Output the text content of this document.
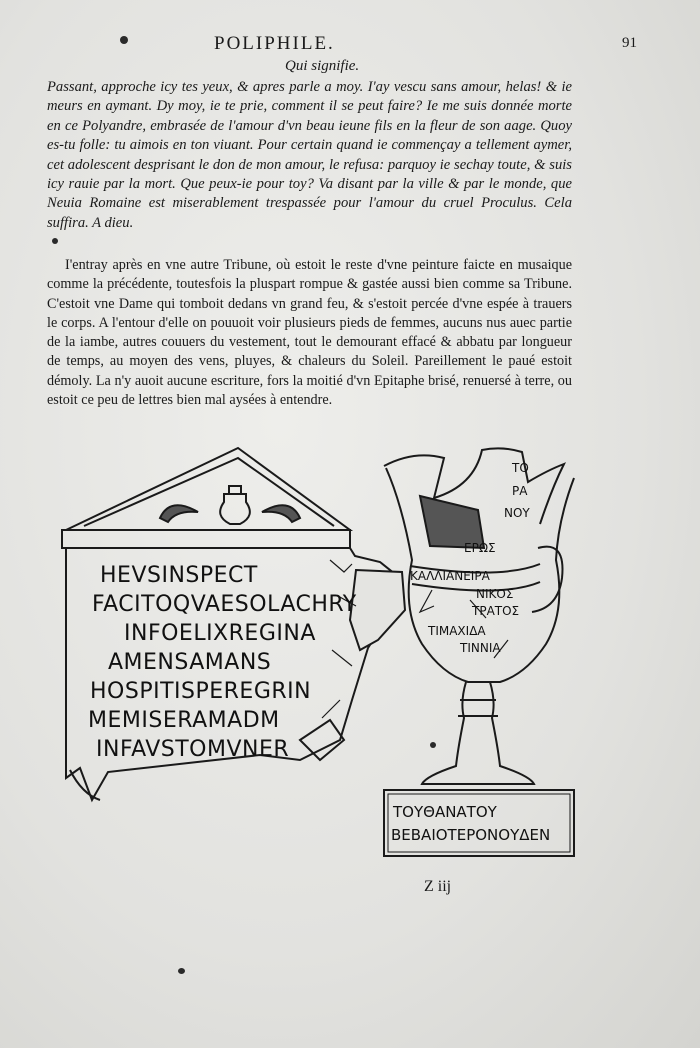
POLIPHILE.	91
Qui signifie.

Passant, approche icy tes yeux, & apres parle a moy. I'ay vescu sans amour, helas! & ie meurs en aymant. Dy moy, ie te prie, comment il se peut faire? Ie me suis donnée morte en ce Polyandre, embrasée de l'amour d'vn beau ieune fils en la fleur de son aage. Quoy es-tu folle: tu aimois en ton viuant. Pour certain quand ie commençay a tellement aymer, cet adolescent desprisant le don de mon amour, le refusa: parquoy ie sechay toute, & suis icy rauie par la mort. Que peux-ie pour toy? Va disant par la ville & par le monde, que Neuia Romaine est miserablement trespassée pour l'amour du cruel Proculus. Cela suffira. A dieu.

I'entray après en vne autre Tribune, où estoit le reste d'vne peinture faicte en musaique comme la précédente, toutesfois la pluspart rompue & gastée aussi bien comme sa Tribune. C'estoit vne Dame qui tomboit dedans vn grand feu, & s'estoit percée d'vne espée à trauers le corps. A l'entour d'elle on pouuoit voir plusieurs pieds de femmes, aucuns nus auec partie de la iambe, autres couuers du vestement, tout le demourant effacé & abbatu par longueur de temps, au moyen des vens, pluyes, & chaleurs du Soleil. Pareillement le paué estoit démoly. La n'y auoit aucune escriture, fors la moitié d'vn Epitaphe brisé, renuersé à terre, ou estoit ce peu de lettres bien mal aysées à entendre.

HEVSINSPECT
FACITOQVAESOLACHRY
INFOELIXREGINA
AMENSAMANS
HOSPITISPEREGRIN
MEMISERAMADM
INFAVSTOMVNER
ΤΟ
ΡΑ
ΝΟΥ
ΕΡΩΣ
ΚΑΛΛΙΑΝΕΙΡΑ
ΝΙΚΟΣ
ΤΡΑΤΟΣ
ΤΙΜΑΧΙΔΑ
ΤΙΝΝΙΑ
ΤΟΥΘΑΝΑΤΟΥ
ΒΕΒΑΙΟΤΕΡΟΝΟΥΔΕΝ
Z iij
